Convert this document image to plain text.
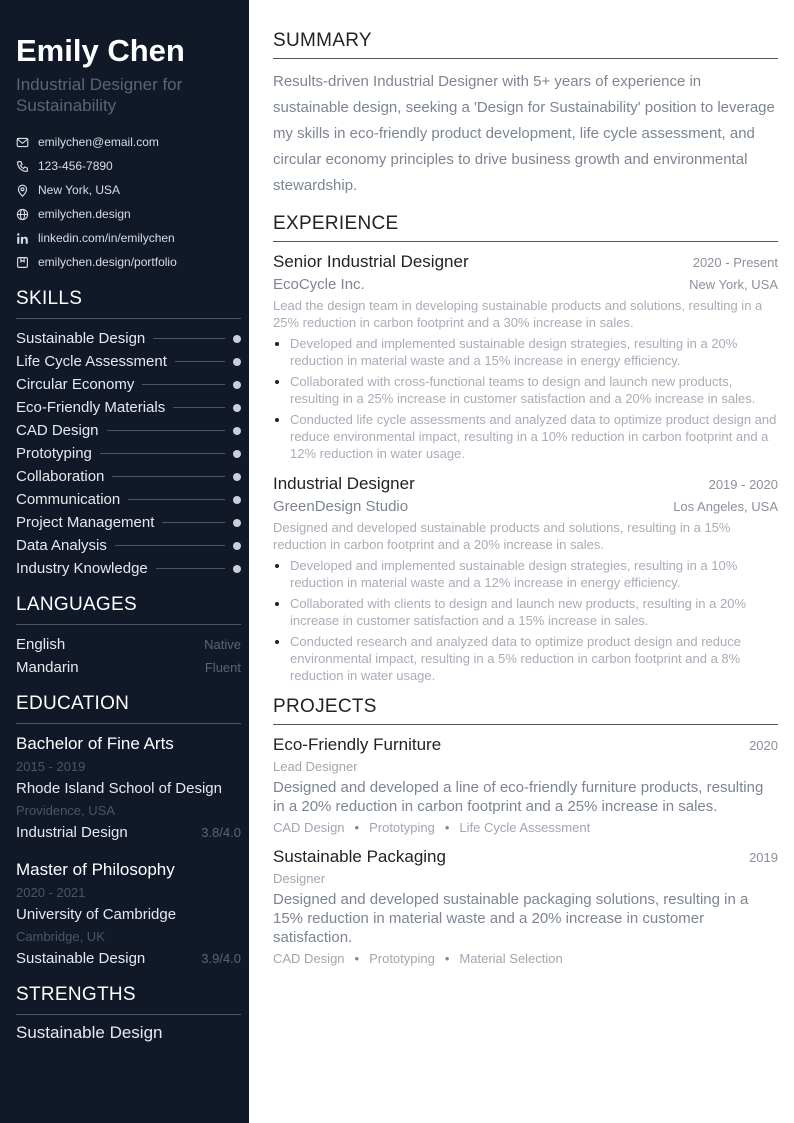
Emily Chen
Industrial Designer for Sustainability
emilychen@email.com
123-456-7890
New York, USA
emilychen.design
linkedin.com/in/emilychen
emilychen.design/portfolio
SKILLS
Sustainable Design
Life Cycle Assessment
Circular Economy
Eco-Friendly Materials
CAD Design
Prototyping
Collaboration
Communication
Project Management
Data Analysis
Industry Knowledge
LANGUAGES
English	Native
Mandarin	Fluent
EDUCATION
Bachelor of Fine Arts
2015 - 2019
Rhode Island School of Design
Providence, USA
Industrial Design	3.8/4.0
Master of Philosophy
2020 - 2021
University of Cambridge
Cambridge, UK
Sustainable Design	3.9/4.0
STRENGTHS
Sustainable Design
SUMMARY
Results-driven Industrial Designer with 5+ years of experience in sustainable design, seeking a 'Design for Sustainability' position to leverage my skills in eco-friendly product development, life cycle assessment, and circular economy principles to drive business growth and environmental stewardship.
EXPERIENCE
Senior Industrial Designer	2020 - Present
EcoCycle Inc.	New York, USA
Lead the design team in developing sustainable products and solutions, resulting in a 25% reduction in carbon footprint and a 30% increase in sales.
• Developed and implemented sustainable design strategies, resulting in a 20% reduction in material waste and a 15% increase in energy efficiency.
• Collaborated with cross-functional teams to design and launch new products, resulting in a 25% increase in customer satisfaction and a 20% increase in sales.
• Conducted life cycle assessments and analyzed data to optimize product design and reduce environmental impact, resulting in a 10% reduction in carbon footprint and a 12% reduction in water usage.
Industrial Designer	2019 - 2020
GreenDesign Studio	Los Angeles, USA
Designed and developed sustainable products and solutions, resulting in a 15% reduction in carbon footprint and a 20% increase in sales.
• Developed and implemented sustainable design strategies, resulting in a 10% reduction in material waste and a 12% increase in energy efficiency.
• Collaborated with clients to design and launch new products, resulting in a 20% increase in customer satisfaction and a 15% increase in sales.
• Conducted research and analyzed data to optimize product design and reduce environmental impact, resulting in a 5% reduction in carbon footprint and a 8% reduction in water usage.
PROJECTS
Eco-Friendly Furniture	2020
Lead Designer
Designed and developed a line of eco-friendly furniture products, resulting in a 20% reduction in carbon footprint and a 25% increase in sales.
CAD Design • Prototyping • Life Cycle Assessment
Sustainable Packaging	2019
Designer
Designed and developed sustainable packaging solutions, resulting in a 15% reduction in material waste and a 20% increase in customer satisfaction.
CAD Design • Prototyping • Material Selection
